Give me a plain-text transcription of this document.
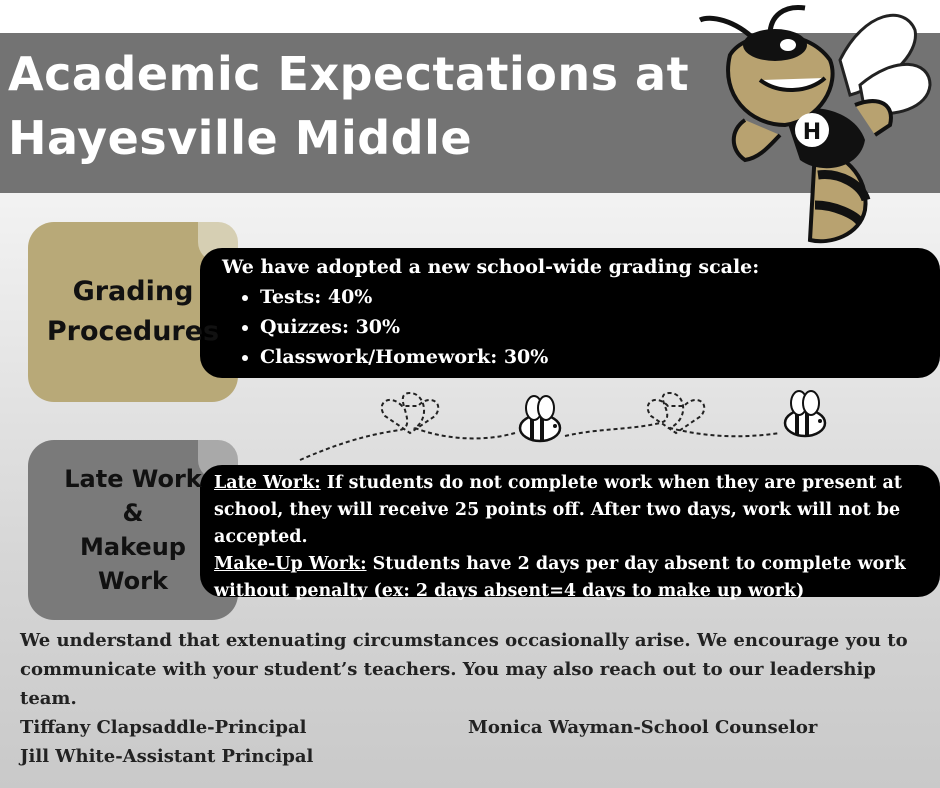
Academic Expectations at
Hayesville Middle	H
Grading
Procedures
We have adopted a new school-wide grading scale:
• Tests: 40%
• Quizzes: 30%
• Classwork/Homework: 30%
Late Work
&
Makeup
Work
Late Work: If students do not complete work when they are present at school, they will receive 25 points off. After two days, work will not be accepted.
Make-Up Work: Students have 2 days per day absent to complete work without penalty (ex: 2 days absent=4 days to make up work)
We understand that extenuating circumstances occasionally arise. We encourage you to communicate with your student’s teachers. You may also reach out to our leadership team.
Tiffany Clapsaddle-Principal
Jill White-Assistant Principal
Monica Wayman-School Counselor
